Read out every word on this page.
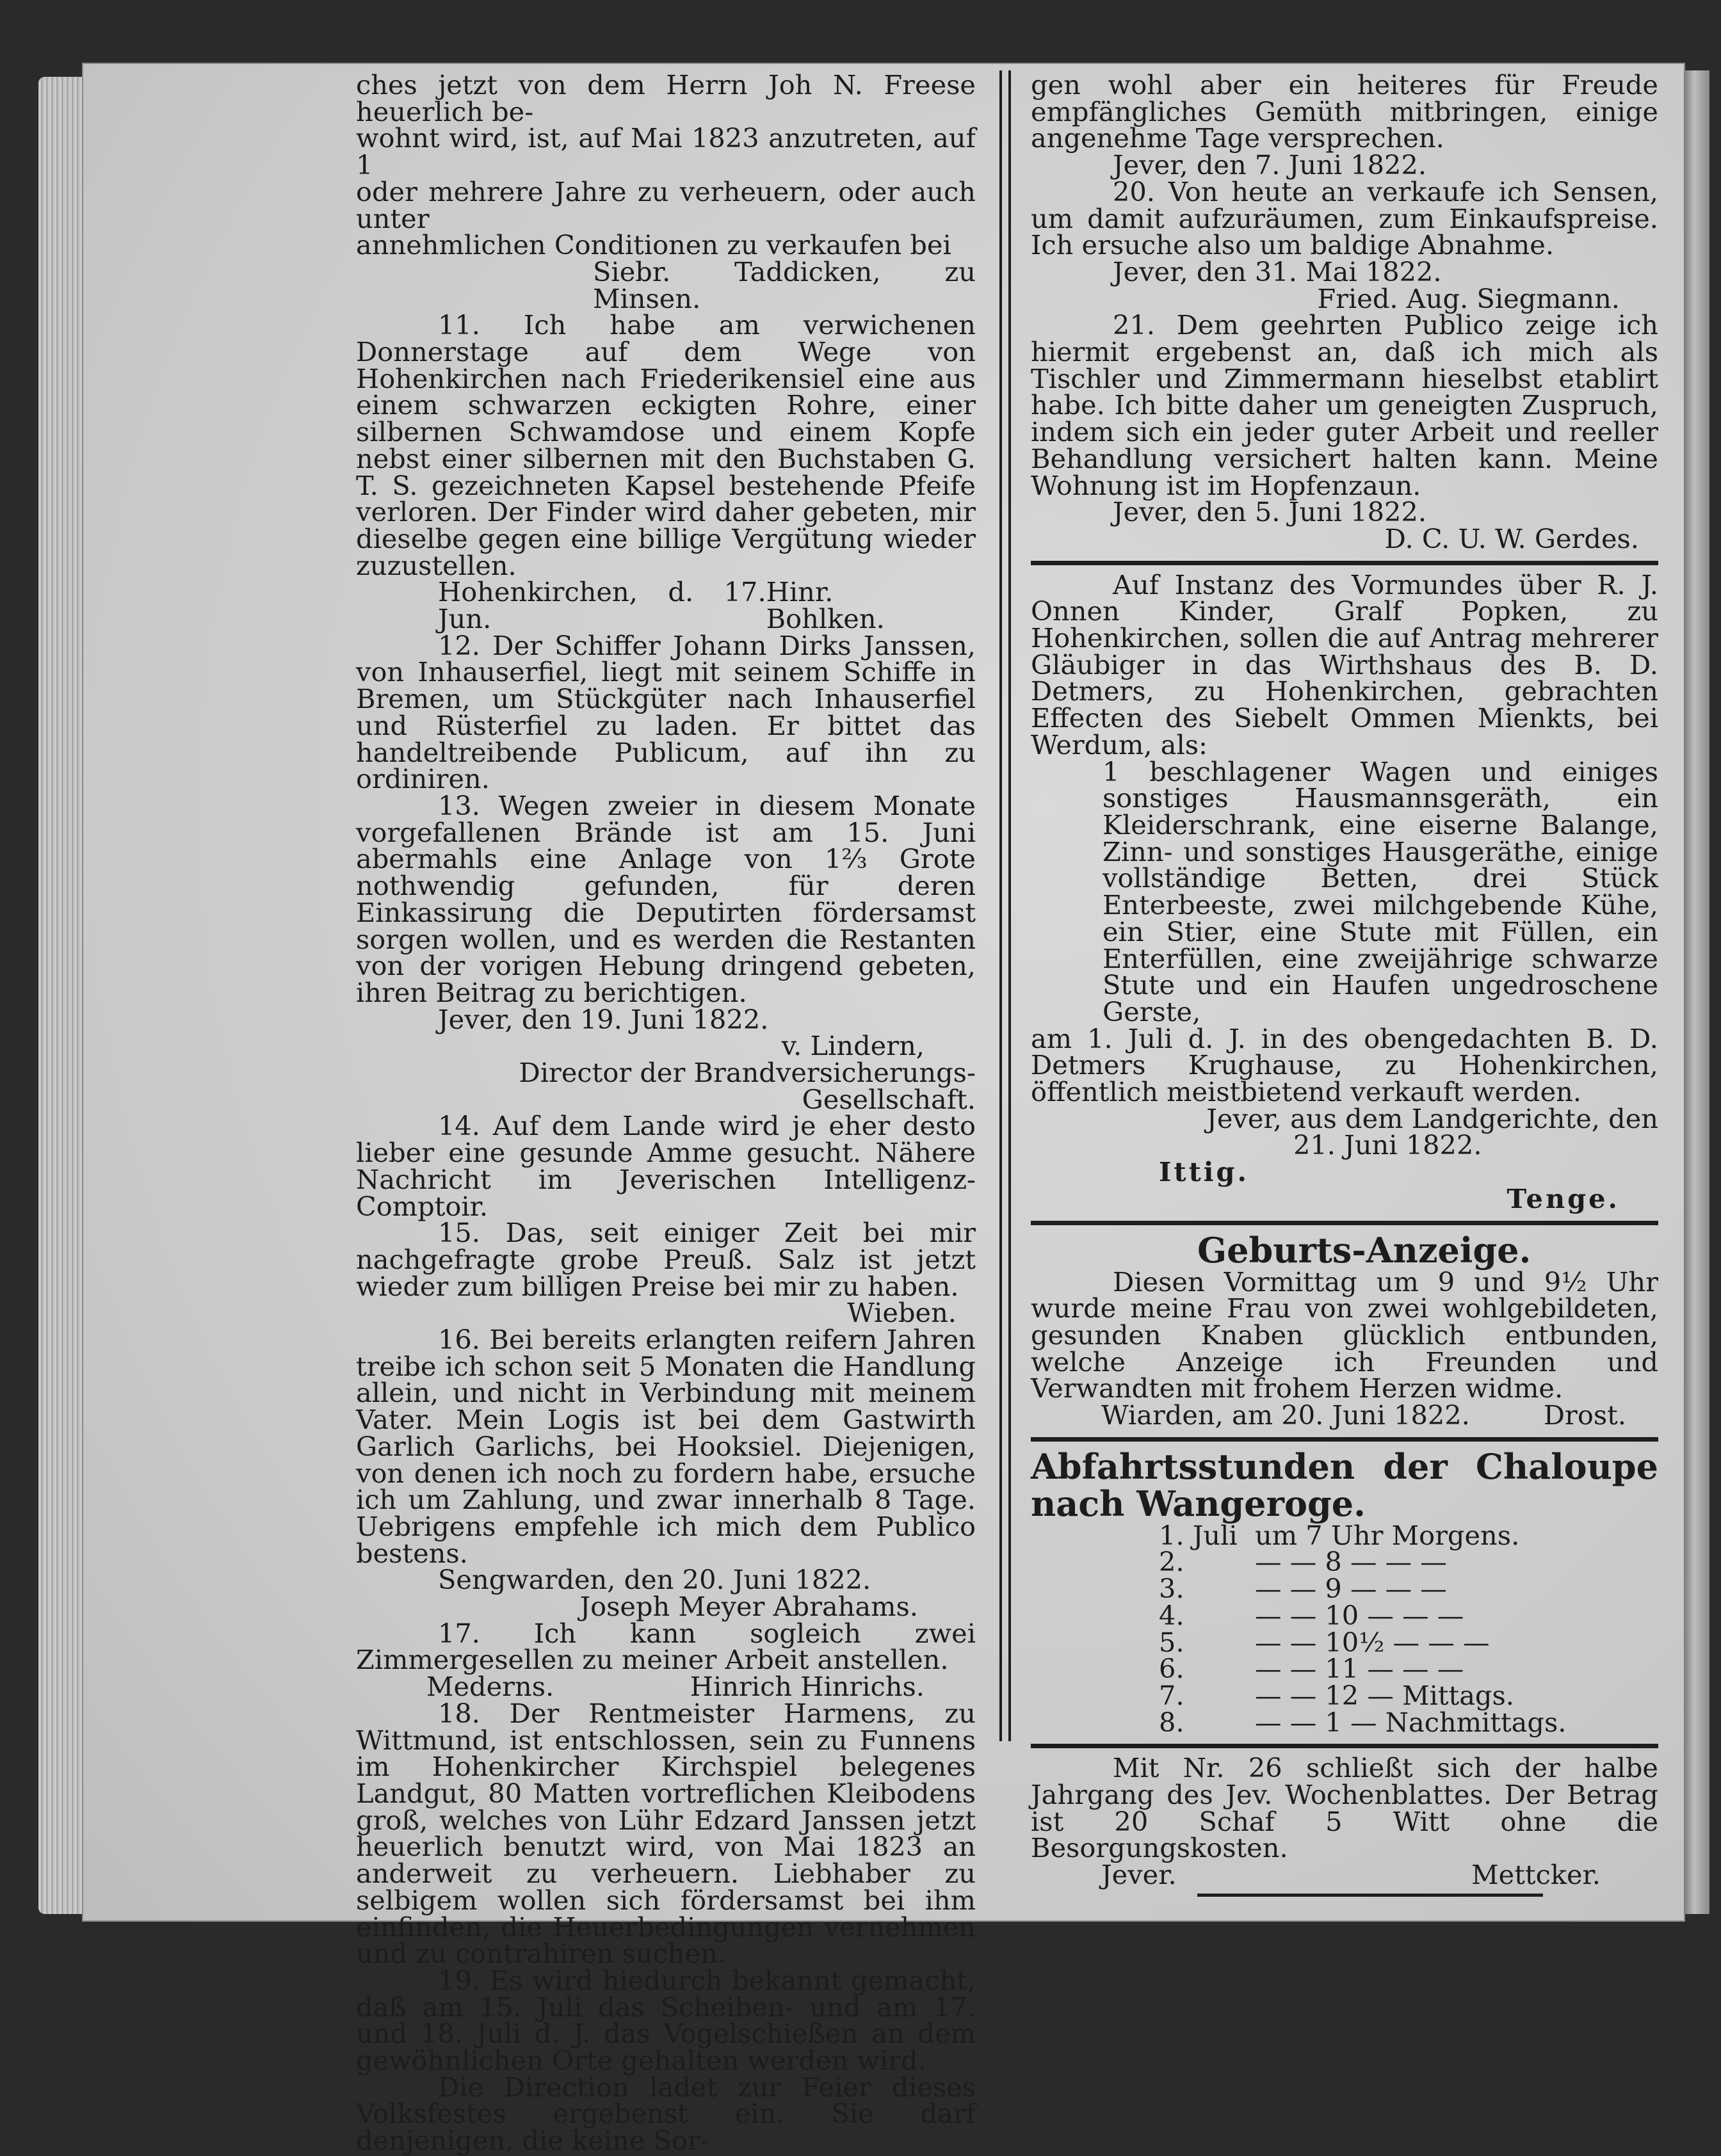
ches jetzt von dem Herrn Joh N. Freese heuerlich be-

wohnt wird, ist, auf Mai 1823 anzutreten, auf 1

oder mehrere Jahre zu verheuern, oder auch unter

annehmlichen Conditionen zu verkaufen bei

Siebr. Taddicken, zu Minsen.

11. Ich habe am verwichenen Donnerstage auf dem Wege von Hohenkirchen nach Friederikensiel eine aus einem schwarzen eckigten Rohre, einer silbernen Schwamdose und einem Kopfe nebst einer silbernen mit den Buchstaben G. T. S. gezeichneten Kapsel bestehende Pfeife verloren. Der Finder wird daher gebeten, mir dieselbe gegen eine billige Vergütung wieder zuzustellen.

Hohenkirchen, d. 17. Jun.
Hinr. Bohlken.

12. Der Schiffer Johann Dirks Janssen, von Inhauserfiel, liegt mit seinem Schiffe in Bremen, um Stückgüter nach Inhauserfiel und Rüsterfiel zu laden. Er bittet das handeltreibende Publicum, auf ihn zu ordiniren.

13. Wegen zweier in diesem Monate vorgefallenen Brände ist am 15. Juni abermahls eine Anlage von 1⅔ Grote nothwendig gefunden, für deren Einkassirung die Deputirten fördersamst sorgen wollen, und es werden die Restanten von der vorigen Hebung dringend gebeten, ihren Beitrag zu berichtigen.

Jever, den 19. Juni 1822.

v. Lindern,

Director der Brandversicherungs-Gesellschaft.

14. Auf dem Lande wird je eher desto lieber eine gesunde Amme gesucht. Nähere Nachricht im Jeverischen Intelligenz-Comptoir.

15. Das, seit einiger Zeit bei mir nachgefragte grobe Preuß. Salz ist jetzt wieder zum billigen Preise bei mir zu haben.

Wieben.

16. Bei bereits erlangten reifern Jahren treibe ich schon seit 5 Monaten die Handlung allein, und nicht in Verbindung mit meinem Vater. Mein Logis ist bei dem Gastwirth Garlich Garlichs, bei Hooksiel. Diejenigen, von denen ich noch zu fordern habe, ersuche ich um Zahlung, und zwar innerhalb 8 Tage. Uebrigens empfehle ich mich dem Publico bestens.

Sengwarden, den 20. Juni 1822.

Joseph Meyer Abrahams.

17. Ich kann sogleich zwei Zimmergesellen zu meiner Arbeit anstellen.

Mederns.	Hinrich Hinrichs.

18. Der Rentmeister Harmens, zu Wittmund, ist entschlossen, sein zu Funnens im Hohenkircher Kirchspiel belegenes Landgut, 80 Matten vortreflichen Kleibodens groß, welches von Lühr Edzard Janssen jetzt heuerlich benutzt wird, von Mai 1823 an anderweit zu verheuern. Liebhaber zu selbigem wollen sich fördersamst bei ihm einfinden, die Heuerbedingungen vernehmen und zu contrahiren suchen.

19. Es wird hiedurch bekannt gemacht, daß am 15. Juli das Scheiben- und am 17. und 18. Juli d. J. das Vogelschießen an dem gewöhnlichen Orte gehalten werden wird.

Die Direction ladet zur Feier dieses Volksfestes ergebenst ein. Sie darf denjenigen, die keine Sor-

gen wohl aber ein heiteres für Freude empfängliches Gemüth mitbringen, einige angenehme Tage versprechen.

Jever, den 7. Juni 1822.

20. Von heute an verkaufe ich Sensen, um damit aufzuräumen, zum Einkaufspreise. Ich ersuche also um baldige Abnahme.

Jever, den 31. Mai 1822.

Fried. Aug. Siegmann.

21. Dem geehrten Publico zeige ich hiermit ergebenst an, daß ich mich als Tischler und Zimmermann hieselbst etablirt habe. Ich bitte daher um geneigten Zuspruch, indem sich ein jeder guter Arbeit und reeller Behandlung versichert halten kann. Meine Wohnung ist im Hopfenzaun.

Jever, den 5. Juni 1822.

D. C. U. W. Gerdes.

Auf Instanz des Vormundes über R. J. Onnen Kinder, Gralf Popken, zu Hohenkirchen, sollen die auf Antrag mehrerer Gläubiger in das Wirthshaus des B. D. Detmers, zu Hohenkirchen, gebrachten Effecten des Siebelt Ommen Mienkts, bei Werdum, als:

1 beschlagener Wagen und einiges sonstiges Hausmannsgeräth, ein Kleiderschrank, eine eiserne Balange, Zinn- und sonstiges Hausgeräthe, einige vollständige Betten, drei Stück Enterbeeste, zwei milchgebende Kühe, ein Stier, eine Stute mit Füllen, ein Enterfüllen, eine zweijährige schwarze Stute und ein Haufen ungedroschene Gerste,

am 1. Juli d. J. in des obengedachten B. D. Detmers Krughause, zu Hohenkirchen, öffentlich meistbietend verkauft werden.

Jever, aus dem Landgerichte, den

21. Juni 1822.

Ittig.

Tenge.

Geburts-Anzeige.

Diesen Vormittag um 9 und 9½ Uhr wurde meine Frau von zwei wohlgebildeten, gesunden Knaben glücklich entbunden, welche Anzeige ich Freunden und Verwandten mit frohem Herzen widme.

Wiarden, am 20. Juni 1822.	Drost.

Abfahrtsstunden der Chaloupe nach Wangeroge.

1. Juli um 7 Uhr Morgens.
2.	— — 8 — — —
3.	— — 9 — — —
4.	— — 10 — — —
5.	— — 10½ — — —
6.	— — 11 — — —
7.	— — 12 — Mittags.
8.	— — 1 — Nachmittags.

Mit Nr. 26 schließt sich der halbe Jahrgang des Jev. Wochenblattes. Der Betrag ist 20 Schaf 5 Witt ohne die Besorgungskosten.

Jever.	Mettcker.
